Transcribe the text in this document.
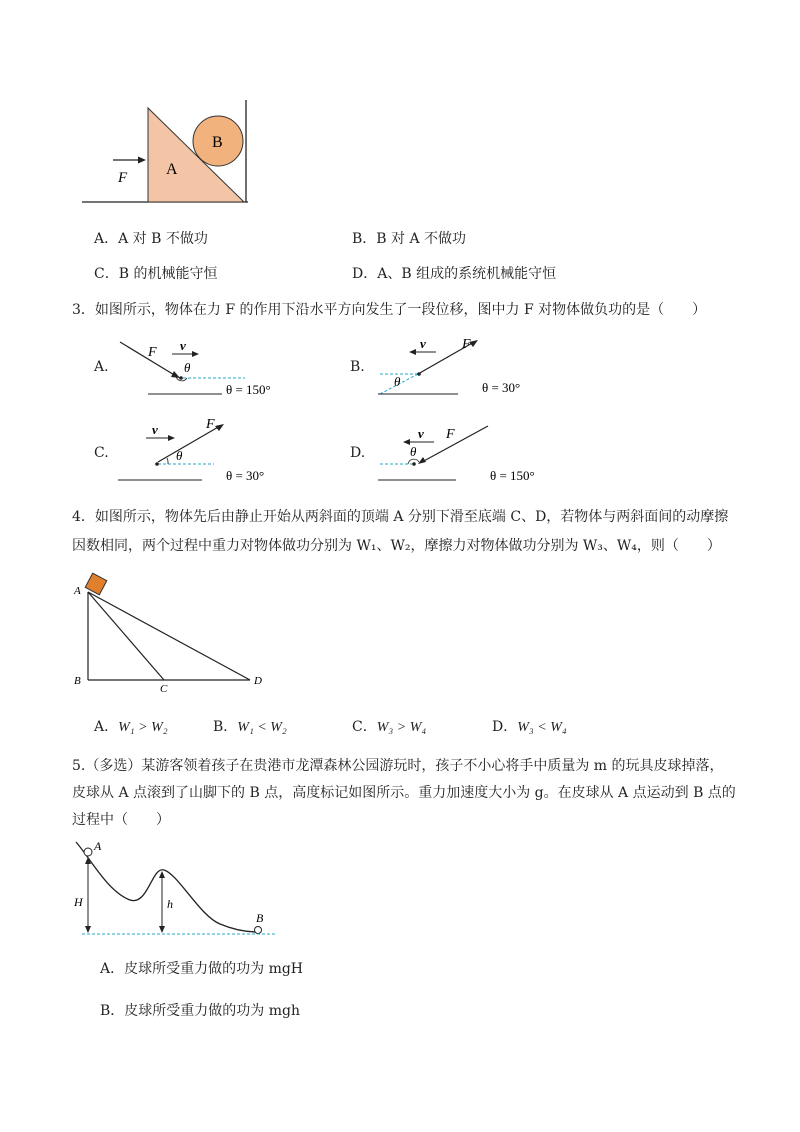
B
A
F
A．A 对 B 不做功	B．B 对 A 不做功
C．B 的机械能守恒	D．A、B 组成的系统机械能守恒
3．如图所示，物体在力 F 的作用下沿水平方向发生了一段位移，图中力 F 对物体做负功的是（　　）
A.
F v
θ
θ = 150°
B.
F
v
θ	θ = 30°
C.
F
v
θ
θ = 30°
D.
F
v
θ
θ = 150°
4．如图所示，物体先后由静止开始从两斜面的顶端 A 分别下滑至底端 C、D，若物体与两斜面间的动摩擦
因数相同，两个过程中重力对物体做功分别为 W₁、W₂，摩擦力对物体做功分别为 W₃、W₄，则（　　）
A
B
C
D
A．W₁ > W₂	B．W₁ < W₂	C．W₃ > W₄	D．W₃ < W₄
5.（多选）某游客领着孩子在贵港市龙潭森林公园游玩时，孩子不小心将手中质量为 m 的玩具皮球掉落，
皮球从 A 点滚到了山脚下的 B 点，高度标记如图所示。重力加速度大小为 g。在皮球从 A 点运动到 B 点的
过程中（　　）
A
B
H	h
A．皮球所受重力做的功为 mgH
B．皮球所受重力做的功为 mgh
